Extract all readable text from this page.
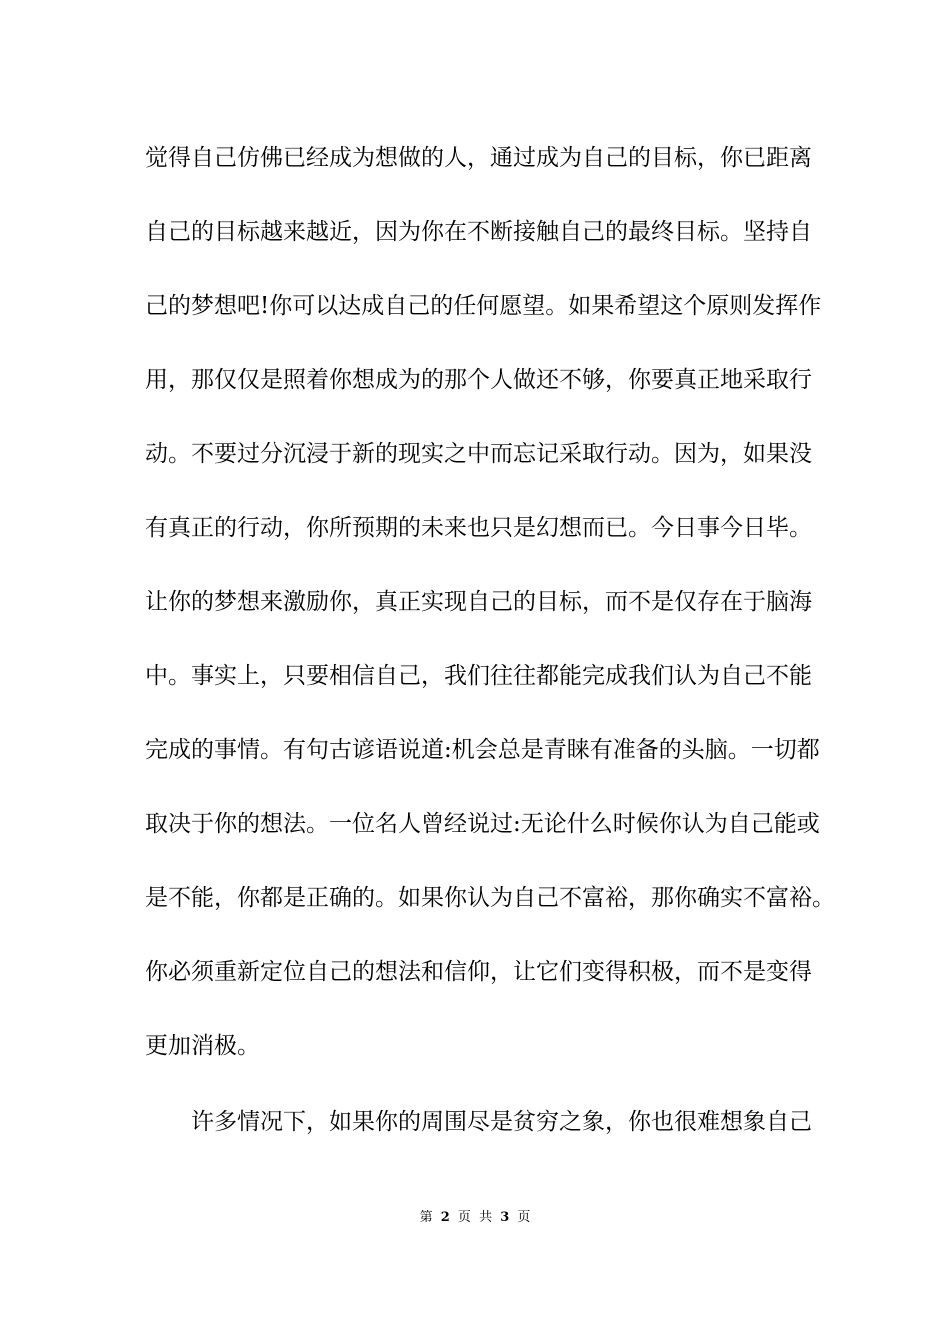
觉得自己仿佛已经成为想做的人，通过成为自己的目标，你已距离
自己的目标越来越近，因为你在不断接触自己的最终目标。坚持自
己的梦想吧!你可以达成自己的任何愿望。如果希望这个原则发挥作
用，那仅仅是照着你想成为的那个人做还不够，你要真正地采取行
动。不要过分沉浸于新的现实之中而忘记采取行动。因为，如果没
有真正的行动，你所预期的未来也只是幻想而已。今日事今日毕。
让你的梦想来激励你，真正实现自己的目标，而不是仅存在于脑海
中。事实上，只要相信自己，我们往往都能完成我们认为自己不能
完成的事情。有句古谚语说道:机会总是青睐有准备的头脑。一切都
取决于你的想法。一位名人曾经说过:无论什么时候你认为自己能或
是不能，你都是正确的。如果你认为自己不富裕，那你确实不富裕。
你必须重新定位自己的想法和信仰，让它们变得积极，而不是变得
更加消极。
许多情况下，如果你的周围尽是贫穷之象，你也很难想象自己
第 2 页 共 3 页
